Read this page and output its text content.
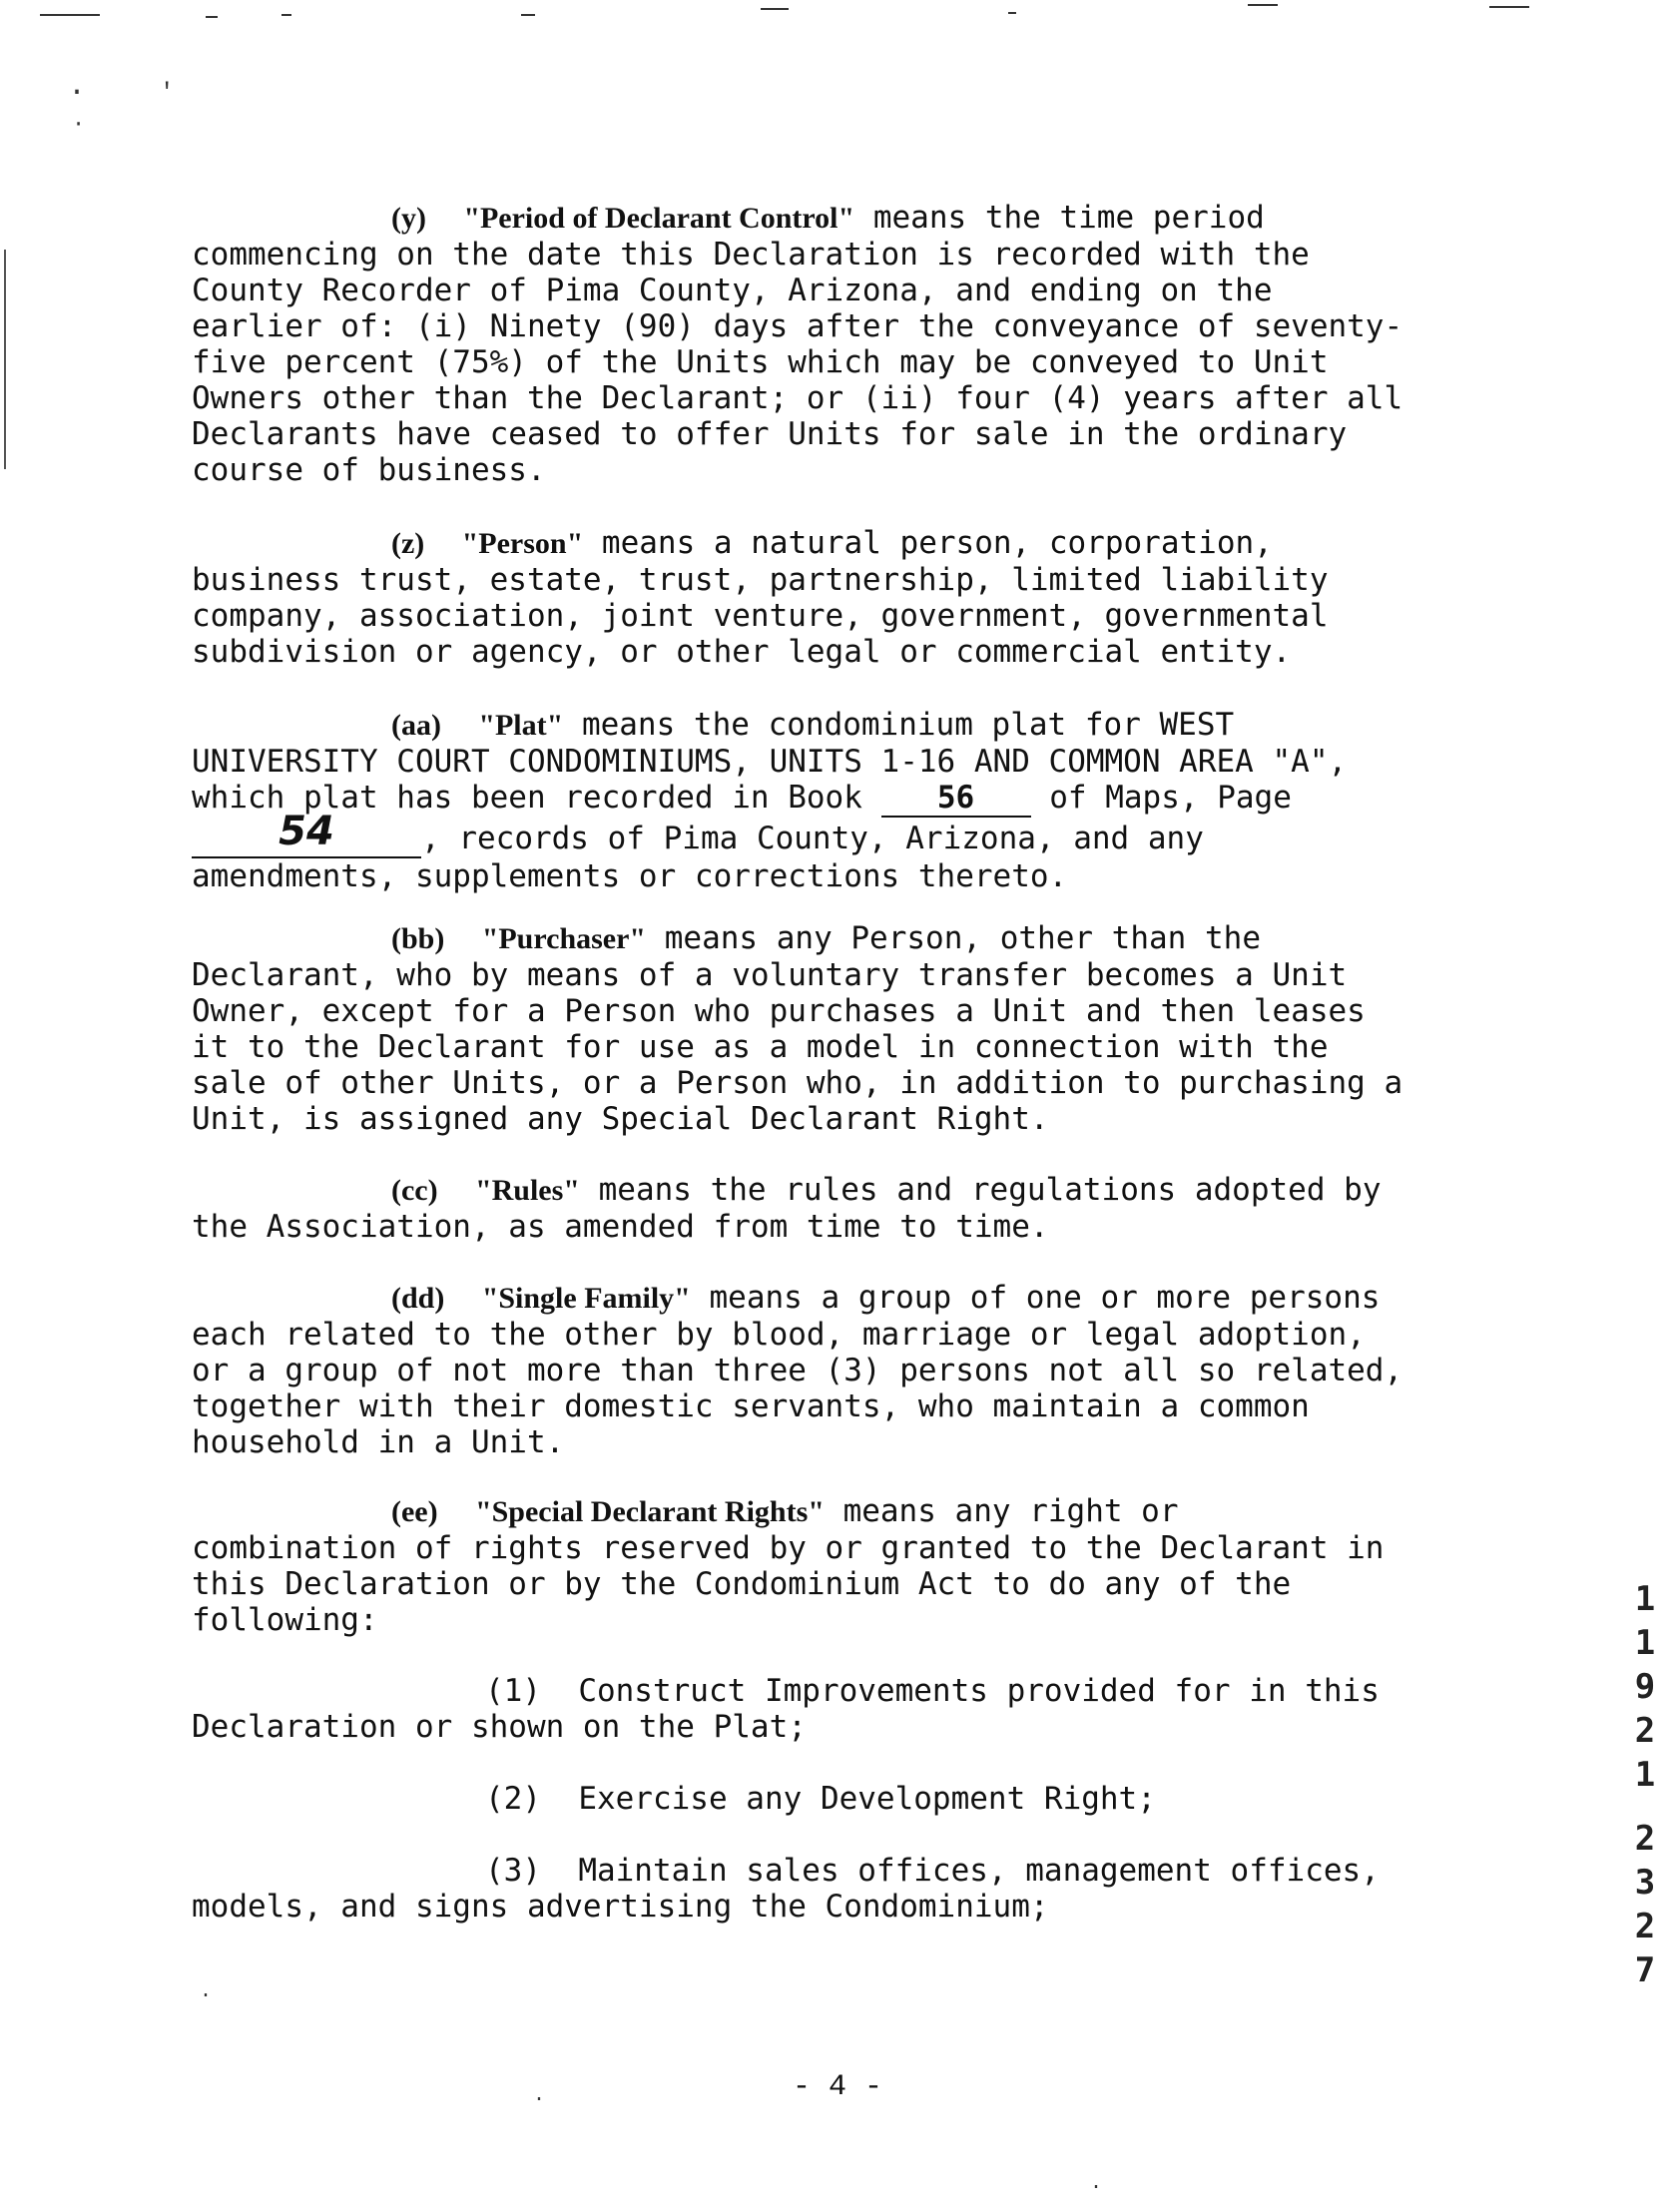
·	'
·
(y) "Period of Declarant Control" means the time period
commencing on the date this Declaration is recorded with the
County Recorder of Pima County, Arizona, and ending on the
earlier of: (i) Ninety (90) days after the conveyance of seventy-
five percent (75%) of the Units which may be conveyed to Unit
Owners other than the Declarant; or (ii) four (4) years after all
Declarants have ceased to offer Units for sale in the ordinary
course of business.
(z) "Person" means a natural person, corporation,
business trust, estate, trust, partnership, limited liability
company, association, joint venture, government, governmental
subdivision or agency, or other legal or commercial entity.
(aa) "Plat" means the condominium plat for WEST
UNIVERSITY COURT CONDOMINIUMS, UNITS 1-16 AND COMMON AREA "A",
which plat has been recorded in Book 56 of Maps, Page
54	, records of Pima County, Arizona, and any
amendments, supplements or corrections thereto.
(bb) "Purchaser" means any Person, other than the
Declarant, who by means of a voluntary transfer becomes a Unit
Owner, except for a Person who purchases a Unit and then leases
it to the Declarant for use as a model in connection with the
sale of other Units, or a Person who, in addition to purchasing a
Unit, is assigned any Special Declarant Right.
(cc) "Rules" means the rules and regulations adopted by
the Association, as amended from time to time.
(dd) "Single Family" means a group of one or more persons
each related to the other by blood, marriage or legal adoption,
or a group of not more than three (3) persons not all so related,
together with their domestic servants, who maintain a common
household in a Unit.
(ee) "Special Declarant Rights" means any right or
combination of rights reserved by or granted to the Declarant in
this Declaration or by the Condominium Act to do any of the
following:
(1)  Construct Improvements provided for in this
Declaration or shown on the Plat;
(2)  Exercise any Development Right;
(3)  Maintain sales offices, management offices,
models, and signs advertising the Condominium;
1
1
9
2
1
2
3
2
7
·
·
·
- 4 -
